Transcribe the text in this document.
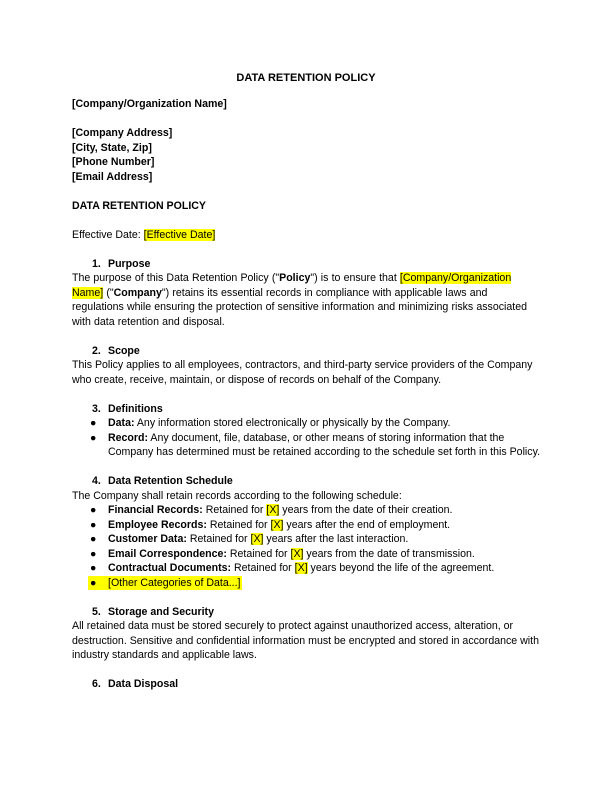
DATA RETENTION POLICY
[Company/Organization Name]
[Company Address]
[City, State, Zip]
[Phone Number]
[Email Address]
DATA RETENTION POLICY
Effective Date: [Effective Date]
1. Purpose
The purpose of this Data Retention Policy ("Policy") is to ensure that [Company/Organization Name] ("Company") retains its essential records in compliance with applicable laws and regulations while ensuring the protection of sensitive information and minimizing risks associated with data retention and disposal.
2. Scope
This Policy applies to all employees, contractors, and third-party service providers of the Company who create, receive, maintain, or dispose of records on behalf of the Company.
3. Definitions
● Data: Any information stored electronically or physically by the Company.
● Record: Any document, file, database, or other means of storing information that the Company has determined must be retained according to the schedule set forth in this Policy.
4. Data Retention Schedule
The Company shall retain records according to the following schedule:
● Financial Records: Retained for [X] years from the date of their creation.
● Employee Records: Retained for [X] years after the end of employment.
● Customer Data: Retained for [X] years after the last interaction.
● Email Correspondence: Retained for [X] years from the date of transmission.
● Contractual Documents: Retained for [X] years beyond the life of the agreement.
● [Other Categories of Data...]
5. Storage and Security
All retained data must be stored securely to protect against unauthorized access, alteration, or destruction. Sensitive and confidential information must be encrypted and stored in accordance with industry standards and applicable laws.
6. Data Disposal
